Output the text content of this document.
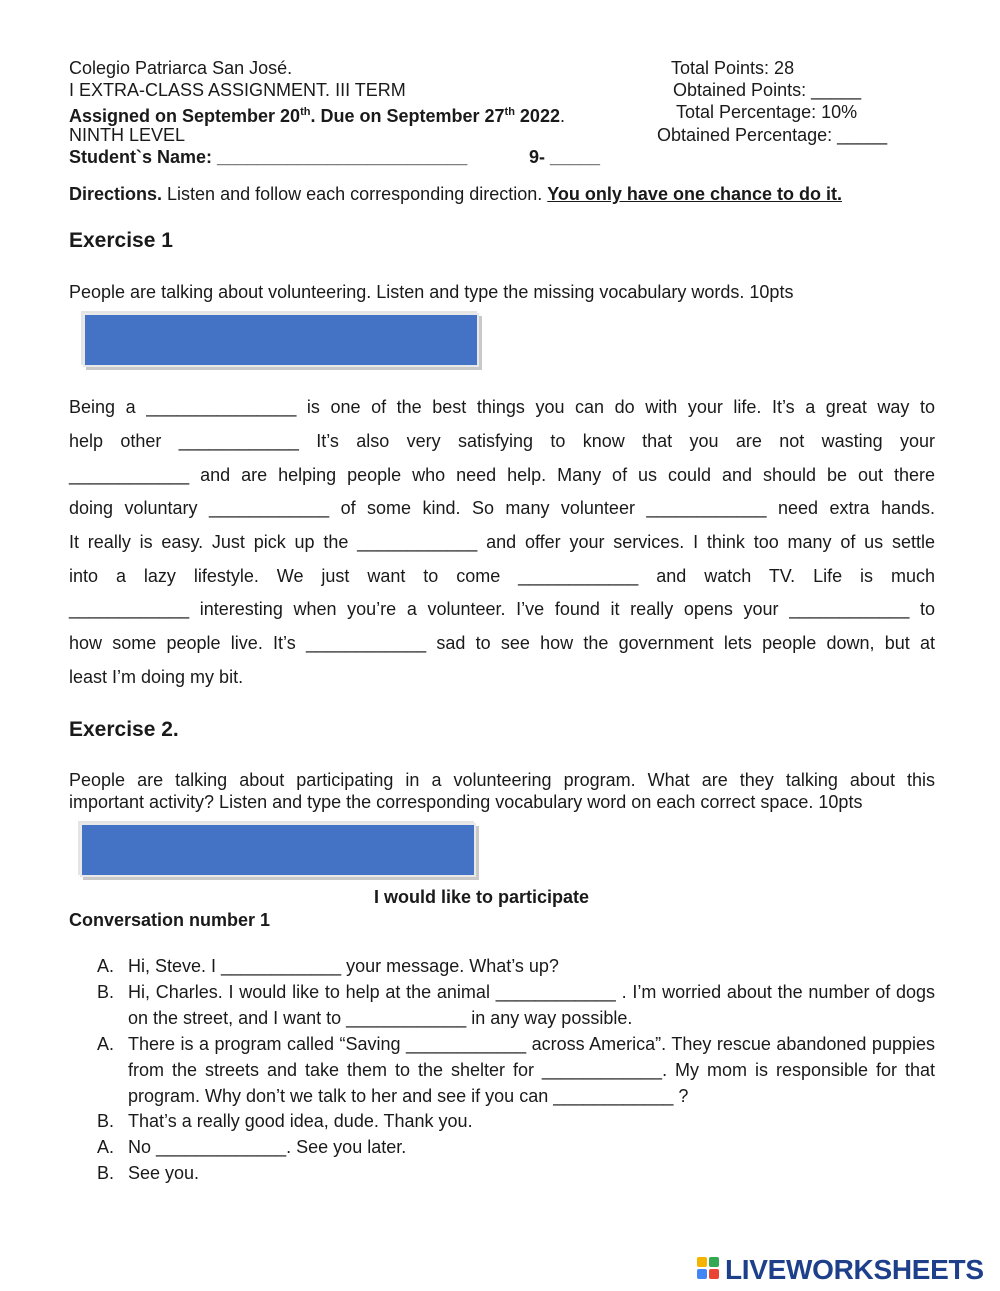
Colegio Patriarca San José.
I EXTRA-CLASS ASSIGNMENT. III TERM
Assigned on September 20th. Due on September 27th 2022.
NINTH LEVEL
Student`s Name: _________________________	9- _____
Total Points: 28
Obtained Points: _____
Total Percentage: 10%
Obtained Percentage: _____
Directions. Listen and follow each corresponding direction. You only have one chance to do it.
Exercise 1
People are talking about volunteering. Listen and type the missing vocabulary words. 10pts
Being a _______________ is one of the best things you can do with your life. It’s a great way to
help other ____________ It’s also very satisfying to know that you are not wasting your
____________ and are helping people who need help. Many of us could and should be out there
doing voluntary ____________ of some kind. So many volunteer ____________ need extra hands.
It really is easy. Just pick up the ____________ and offer your services. I think too many of us settle
into a lazy lifestyle. We just want to come ____________ and watch TV. Life is much
____________ interesting when you’re a volunteer. I’ve found it really opens your ____________ to
how some people live. It’s ____________ sad to see how the government lets people down, but at
least I’m doing my bit.
Exercise 2.
People are talking about participating in a volunteering program. What are they talking about this
important activity? Listen and type the corresponding vocabulary word on each correct space. 10pts
I would like to participate
Conversation number 1
A. Hi, Steve. I ____________ your message. What’s up?
B. Hi, Charles. I would like to help at the animal ____________ . I’m worried about the number of dogs on the street, and I want to ____________ in any way possible.
A. There is a program called “Saving ____________ across America”. They rescue abandoned puppies from the streets and take them to the shelter for ____________. My mom is responsible for that program. Why don’t we talk to her and see if you can ____________ ?
B. That’s a really good idea, dude. Thank you.
A. No _____________. See you later.
B. See you.
LIVEWORKSHEETS
